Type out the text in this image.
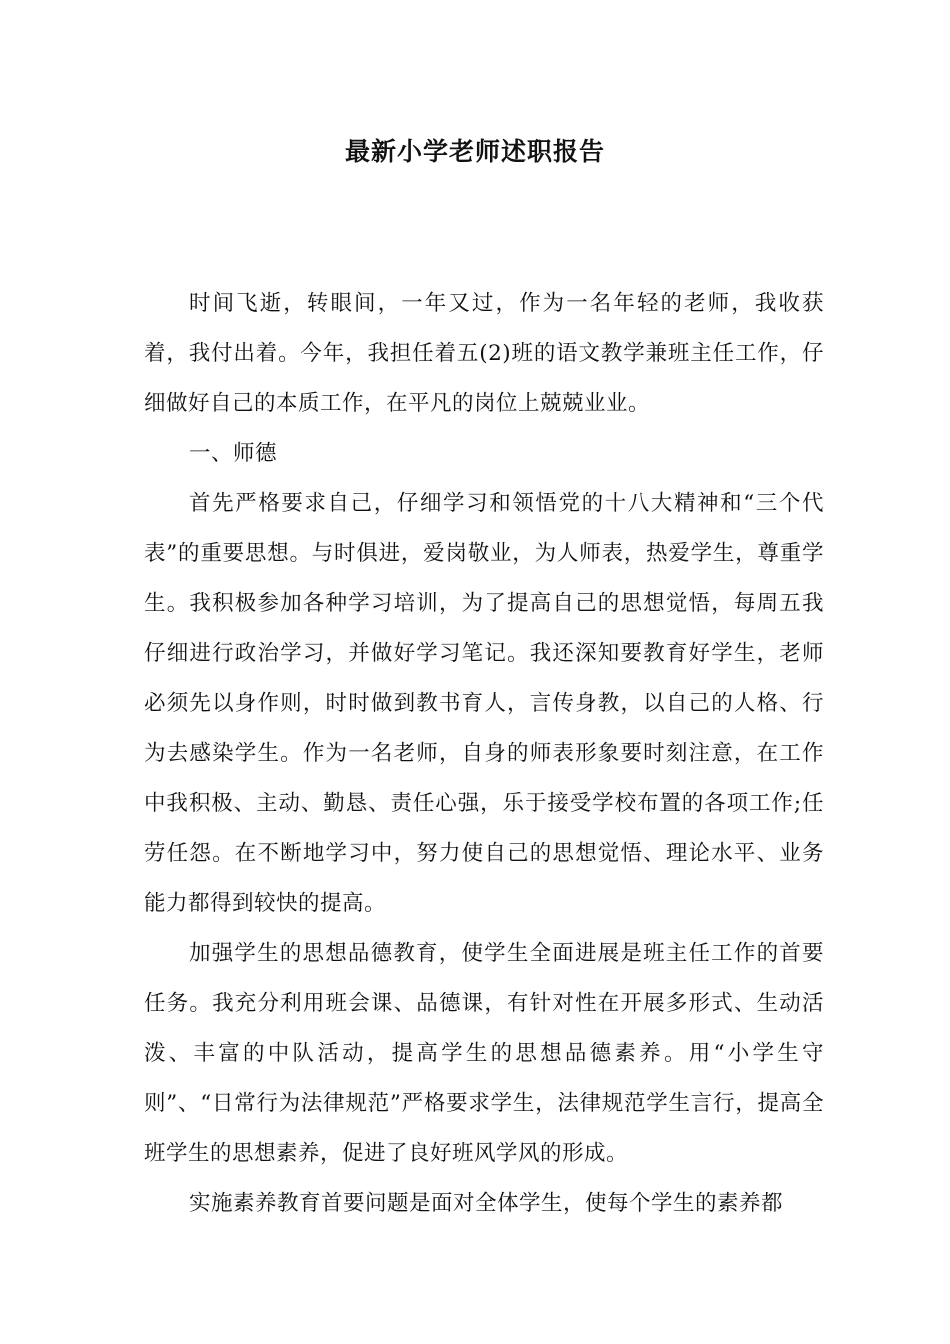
最新小学老师述职报告

时间飞逝，转眼间，一年又过，作为一名年轻的老师，我收获着，我付出着。今年，我担任着五(2)班的语文教学兼班主任工作，仔细做好自己的本质工作，在平凡的岗位上兢兢业业。

一、师德

首先严格要求自己，仔细学习和领悟党的十八大精神和“三个代表”的重要思想。与时俱进，爱岗敬业，为人师表，热爱学生，尊重学生。我积极参加各种学习培训，为了提高自己的思想觉悟，每周五我仔细进行政治学习，并做好学习笔记。我还深知要教育好学生，老师必须先以身作则，时时做到教书育人，言传身教，以自己的人格、行为去感染学生。作为一名老师，自身的师表形象要时刻注意，在工作中我积极、主动、勤恳、责任心强，乐于接受学校布置的各项工作;任劳任怨。在不断地学习中，努力使自己的思想觉悟、理论水平、业务能力都得到较快的提高。

加强学生的思想品德教育，使学生全面进展是班主任工作的首要任务。我充分利用班会课、品德课，有针对性在开展多形式、生动活泼、丰富的中队活动，提高学生的思想品德素养。用“小学生守则”、“日常行为法律规范”严格要求学生，法律规范学生言行，提高全班学生的思想素养，促进了良好班风学风的形成。

实施素养教育首要问题是面对全体学生，使每个学生的素养都
